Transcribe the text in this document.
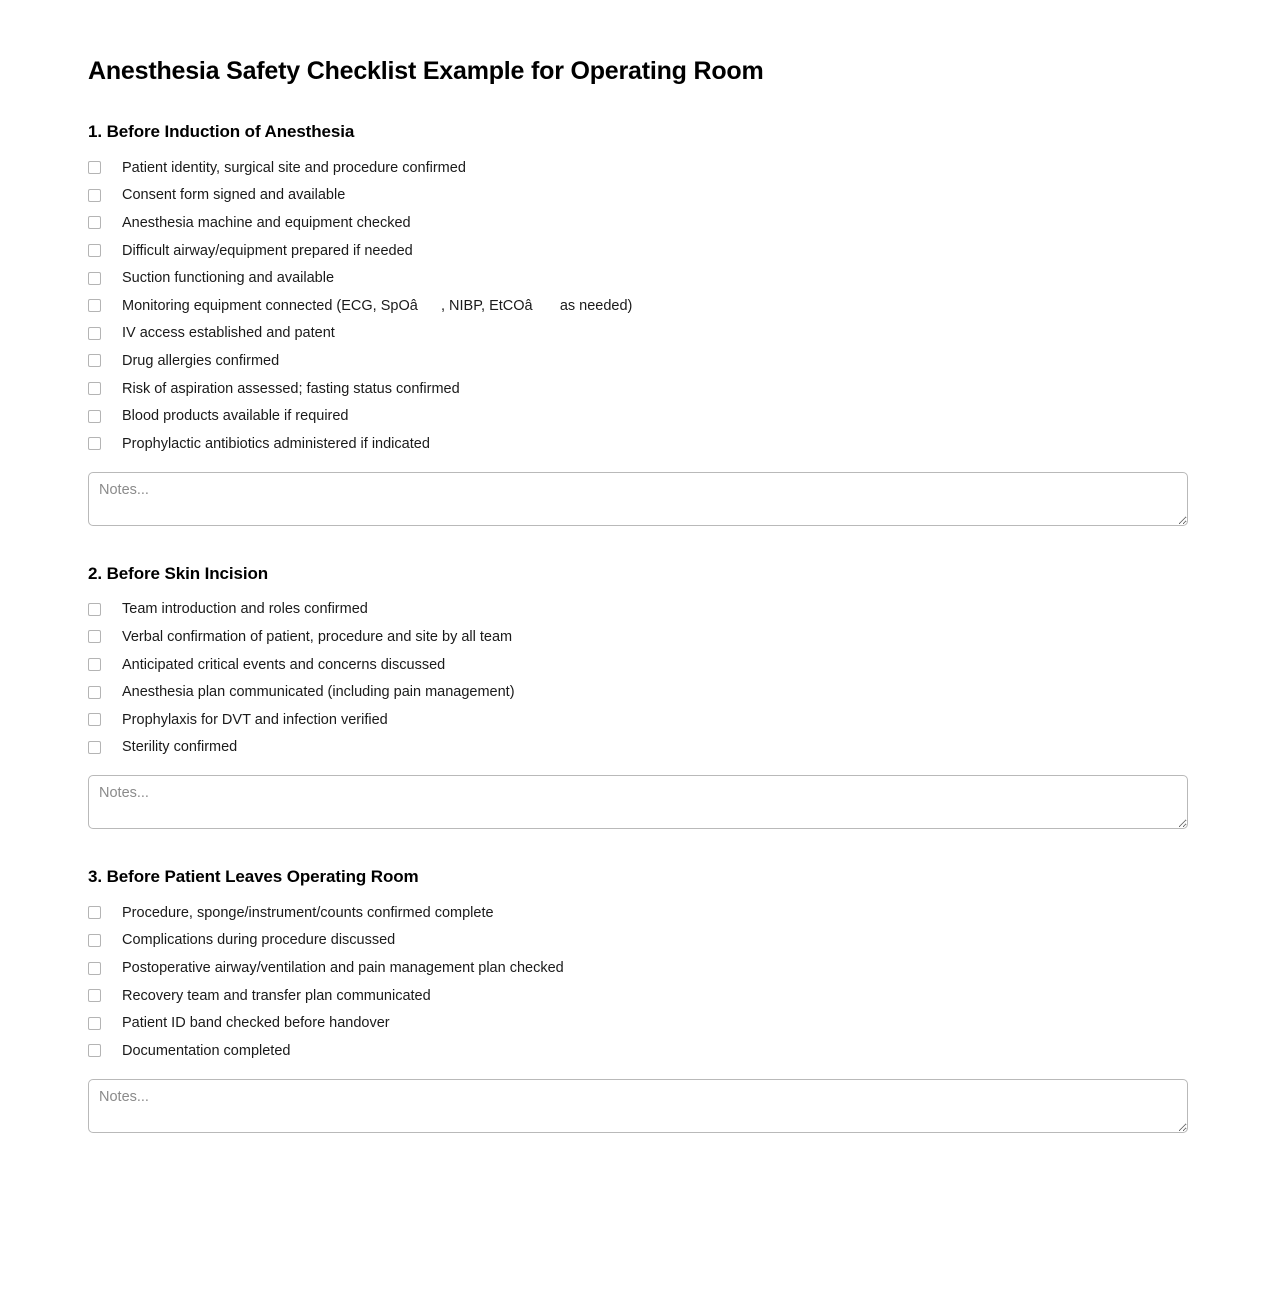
Anesthesia Safety Checklist Example for Operating Room
1. Before Induction of Anesthesia
Patient identity, surgical site and procedure confirmed
Consent form signed and available
Anesthesia machine and equipment checked
Difficult airway/equipment prepared if needed
Suction functioning and available
Monitoring equipment connected (ECG, SpOâ, NIBP, EtCOâ as needed)
IV access established and patent
Drug allergies confirmed
Risk of aspiration assessed; fasting status confirmed
Blood products available if required
Prophylactic antibiotics administered if indicated
Notes...
2. Before Skin Incision
Team introduction and roles confirmed
Verbal confirmation of patient, procedure and site by all team
Anticipated critical events and concerns discussed
Anesthesia plan communicated (including pain management)
Prophylaxis for DVT and infection verified
Sterility confirmed
Notes...
3. Before Patient Leaves Operating Room
Procedure, sponge/instrument/counts confirmed complete
Complications during procedure discussed
Postoperative airway/ventilation and pain management plan checked
Recovery team and transfer plan communicated
Patient ID band checked before handover
Documentation completed
Notes...
